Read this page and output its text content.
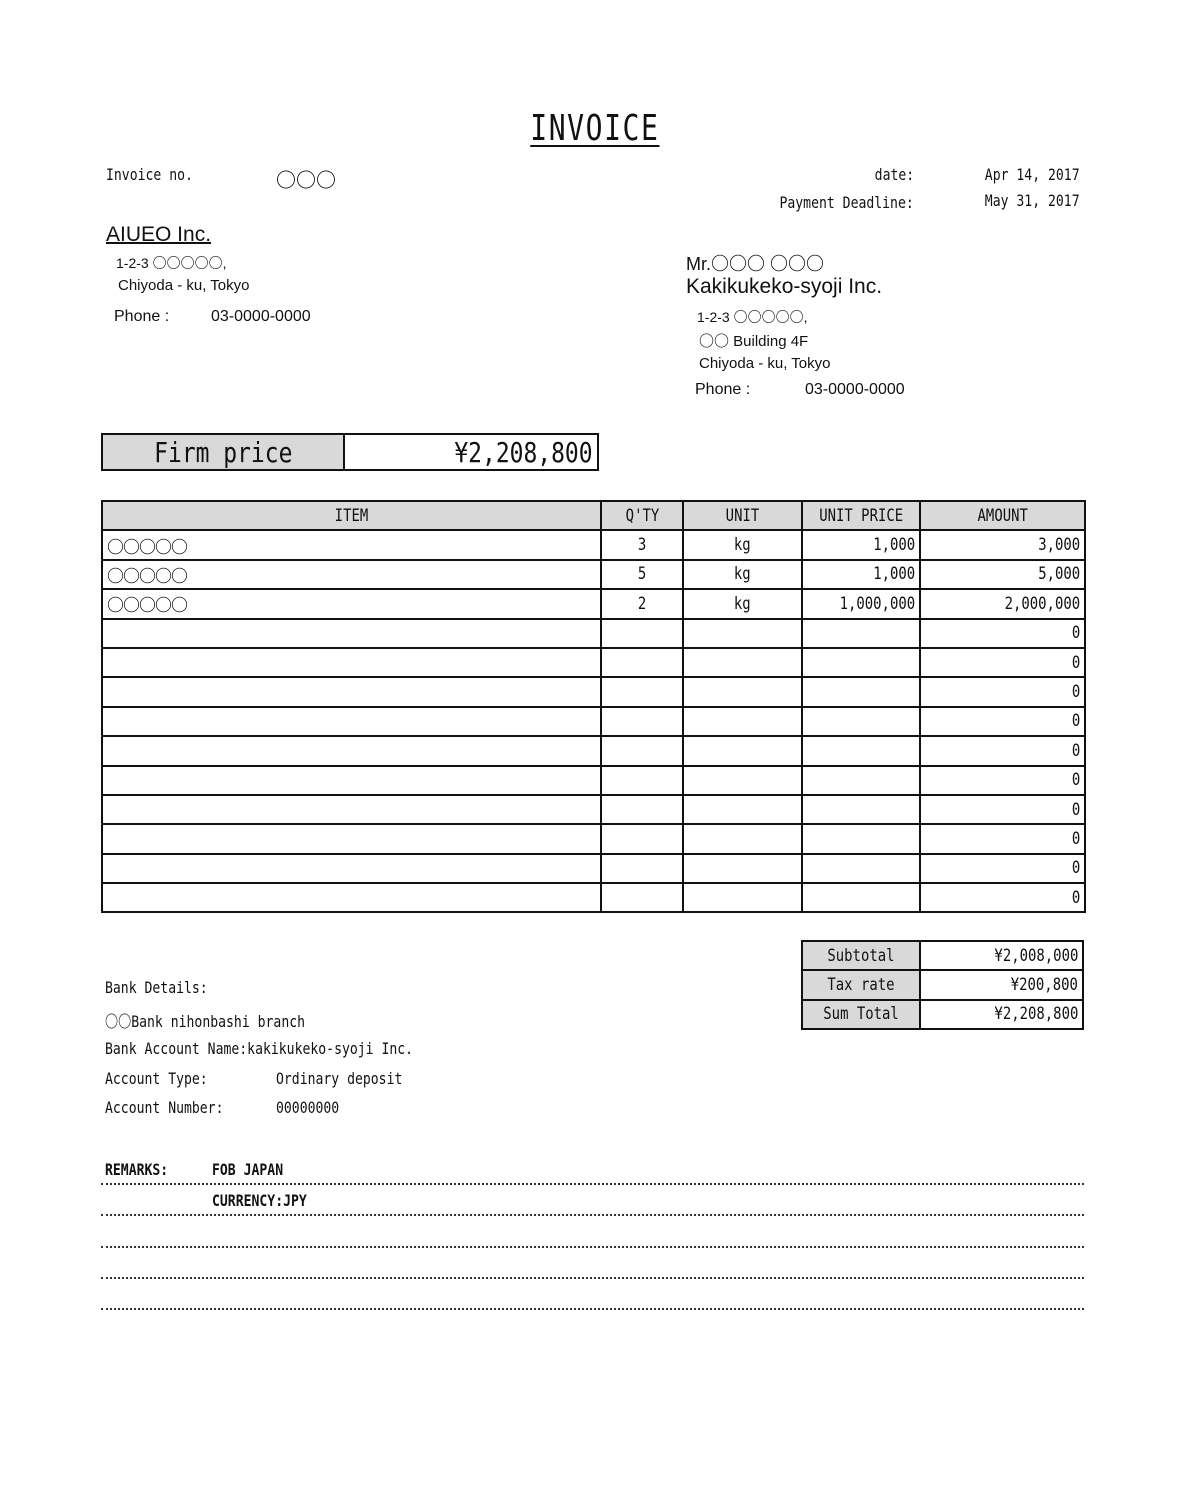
INVOICE
Invoice no.	〇〇〇	date:	Apr 14, 2017
Payment Deadline:	May 31, 2017
AIUEO Inc.
1-2-3 〇〇〇〇〇,
Chiyoda - ku, Tokyo
Phone :	03-0000-0000
Mr.〇〇〇 〇〇〇
Kakikukeko-syoji Inc.
1-2-3 〇〇〇〇〇,
〇〇 Building 4F
Chiyoda - ku, Tokyo
Phone :	03-0000-0000
Firm price	¥2,208,800
ITEM	Q'TY	UNIT	UNIT PRICE	AMOUNT
〇〇〇〇〇	3	kg	1,000	3,000
〇〇〇〇〇	5	kg	1,000	5,000
〇〇〇〇〇	2	kg	1,000,000	2,000,000
				0
				0
				0
				0
				0
				0
				0
				0
				0
				0
Subtotal	¥2,008,000
Tax rate	¥200,800
Sum Total	¥2,208,800
Bank Details:
〇〇Bank nihonbashi branch
Bank Account Name:kakikukeko-syoji Inc.
Account Type:	Ordinary deposit
Account Number:	00000000
REMARKS:	FOB JAPAN
CURRENCY:JPY
